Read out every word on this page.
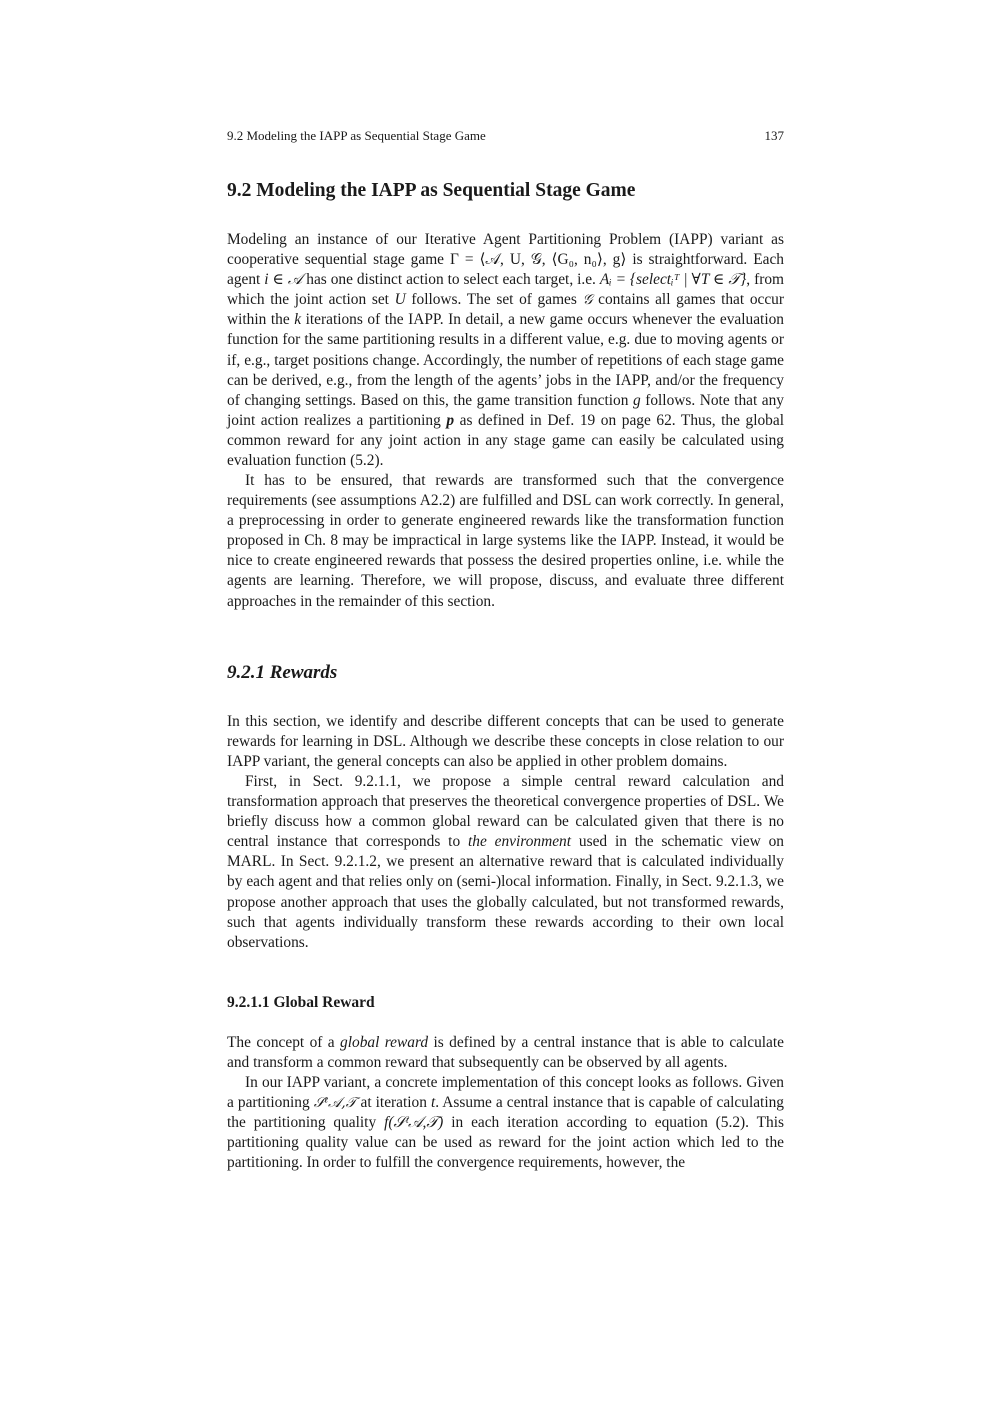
9.2 Modeling the IAPP as Sequential Stage Game	137
9.2 Modeling the IAPP as Sequential Stage Game

Modeling an instance of our Iterative Agent Partitioning Problem (IAPP) variant as cooperative sequential stage game Γ = ⟨𝒜, U, 𝒢, ⟨G₀, n₀⟩, g⟩ is straightforward. Each agent i ∈ 𝒜 has one distinct action to select each target, i.e. Aᵢ = {selectᵢᵀ | ∀T ∈ 𝒯}, from which the joint action set U follows. The set of games 𝒢 contains all games that occur within the k iterations of the IAPP. In detail, a new game occurs whenever the evaluation function for the same partitioning results in a different value, e.g. due to moving agents or if, e.g., target positions change. Accordingly, the number of repetitions of each stage game can be derived, e.g., from the length of the agents’ jobs in the IAPP, and/or the frequency of changing settings. Based on this, the game transition function g follows. Note that any joint action realizes a partitioning p as defined in Def. 19 on page 62. Thus, the global common reward for any joint action in any stage game can easily be calculated using evaluation function (5.2).

It has to be ensured, that rewards are transformed such that the convergence requirements (see assumptions A2.2) are fulfilled and DSL can work correctly. In general, a preprocessing in order to generate engineered rewards like the transformation function proposed in Ch. 8 may be impractical in large systems like the IAPP. Instead, it would be nice to create engineered rewards that possess the desired properties online, i.e. while the agents are learning. Therefore, we will propose, discuss, and evaluate three different approaches in the remainder of this section.

9.2.1 Rewards

In this section, we identify and describe different concepts that can be used to generate rewards for learning in DSL. Although we describe these concepts in close relation to our IAPP variant, the general concepts can also be applied in other problem domains.

First, in Sect. 9.2.1.1, we propose a simple central reward calculation and transformation approach that preserves the theoretical convergence properties of DSL. We briefly discuss how a common global reward can be calculated given that there is no central instance that corresponds to the environment used in the schematic view on MARL. In Sect. 9.2.1.2, we present an alternative reward that is calculated individually by each agent and that relies only on (semi-)local information. Finally, in Sect. 9.2.1.3, we propose another approach that uses the globally calculated, but not transformed rewards, such that agents individually transform these rewards according to their own local observations.

9.2.1.1 Global Reward

The concept of a global reward is defined by a central instance that is able to calculate and transform a common reward that subsequently can be observed by all agents.

In our IAPP variant, a concrete implementation of this concept looks as follows. Given a partitioning 𝒮ᵗ𝒜,𝒯 at iteration t. Assume a central instance that is capable of calculating the partitioning quality f(𝒮ᵗ𝒜,𝒯) in each iteration according to equation (5.2). This partitioning quality value can be used as reward for the joint action which led to the partitioning. In order to fulfill the convergence requirements, however, the
